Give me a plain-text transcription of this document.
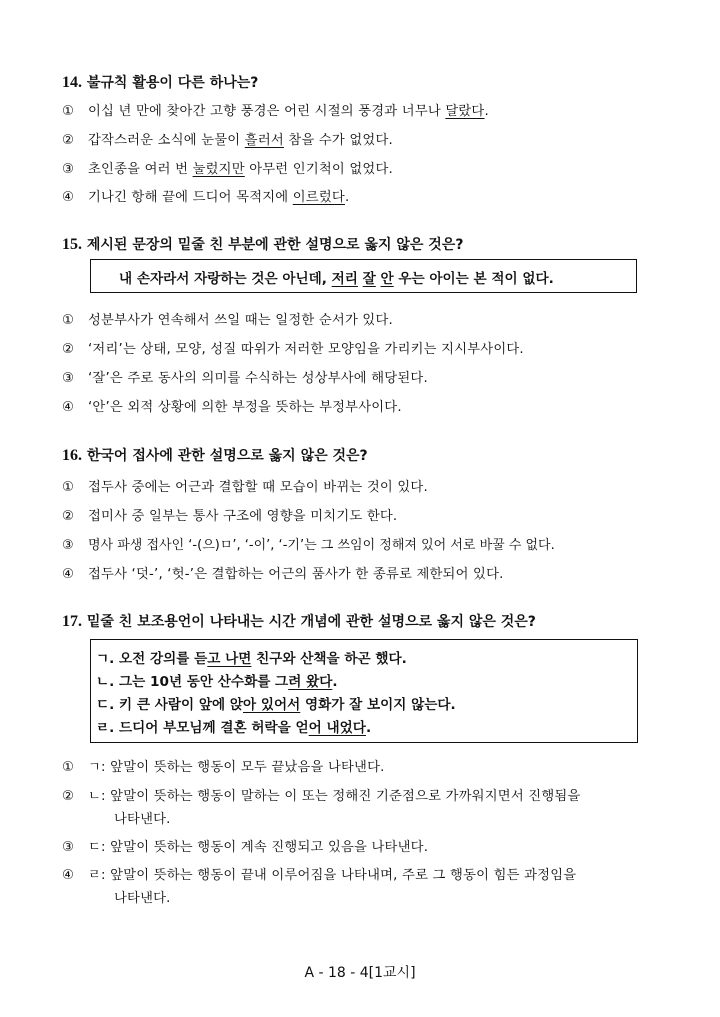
14. 불규칙 활용이 다른 하나는?
① 이십 년 만에 찾아간 고향 풍경은 어린 시절의 풍경과 너무나 달랐다.
② 갑작스러운 소식에 눈물이 흘러서 참을 수가 없었다.
③ 초인종을 여러 번 눌렀지만 아무런 인기척이 없었다.
④ 기나긴 항해 끝에 드디어 목적지에 이르렀다.
15. 제시된 문장의 밑줄 친 부분에 관한 설명으로 옳지 않은 것은?
내 손자라서 자랑하는 것은 아닌데, 저리 잘 안 우는 아이는 본 적이 없다.
① 성분부사가 연속해서 쓰일 때는 일정한 순서가 있다.
② ‘저리’는 상태, 모양, 성질 따위가 저러한 모양임을 가리키는 지시부사이다.
③ ‘잘’은 주로 동사의 의미를 수식하는 성상부사에 해당된다.
④ ‘안’은 외적 상황에 의한 부정을 뜻하는 부정부사이다.
16. 한국어 접사에 관한 설명으로 옳지 않은 것은?
① 접두사 중에는 어근과 결합할 때 모습이 바뀌는 것이 있다.
② 접미사 중 일부는 통사 구조에 영향을 미치기도 한다.
③ 명사 파생 접사인 ‘-(으)ㅁ’, ‘-이’, ‘-기’는 그 쓰임이 정해져 있어 서로 바꿀 수 없다.
④ 접두사 ‘덧-’, ‘헛-’은 결합하는 어근의 품사가 한 종류로 제한되어 있다.
17. 밑줄 친 보조용언이 나타내는 시간 개념에 관한 설명으로 옳지 않은 것은?
ㄱ. 오전 강의를 듣고 나면 친구와 산책을 하곤 했다.
ㄴ. 그는 10년 동안 산수화를 그려 왔다.
ㄷ. 키 큰 사람이 앞에 앉아 있어서 영화가 잘 보이지 않는다.
ㄹ. 드디어 부모님께 결혼 허락을 얻어 내었다.
① ㄱ: 앞말이 뜻하는 행동이 모두 끝났음을 나타낸다.
② ㄴ: 앞말이 뜻하는 행동이 말하는 이 또는 정해진 기준점으로 가까워지면서 진행됨을
나타낸다.
③ ㄷ: 앞말이 뜻하는 행동이 계속 진행되고 있음을 나타낸다.
④ ㄹ: 앞말이 뜻하는 행동이 끝내 이루어짐을 나타내며, 주로 그 행동이 힘든 과정임을
나타낸다.
A - 18 - 4[1교시]
